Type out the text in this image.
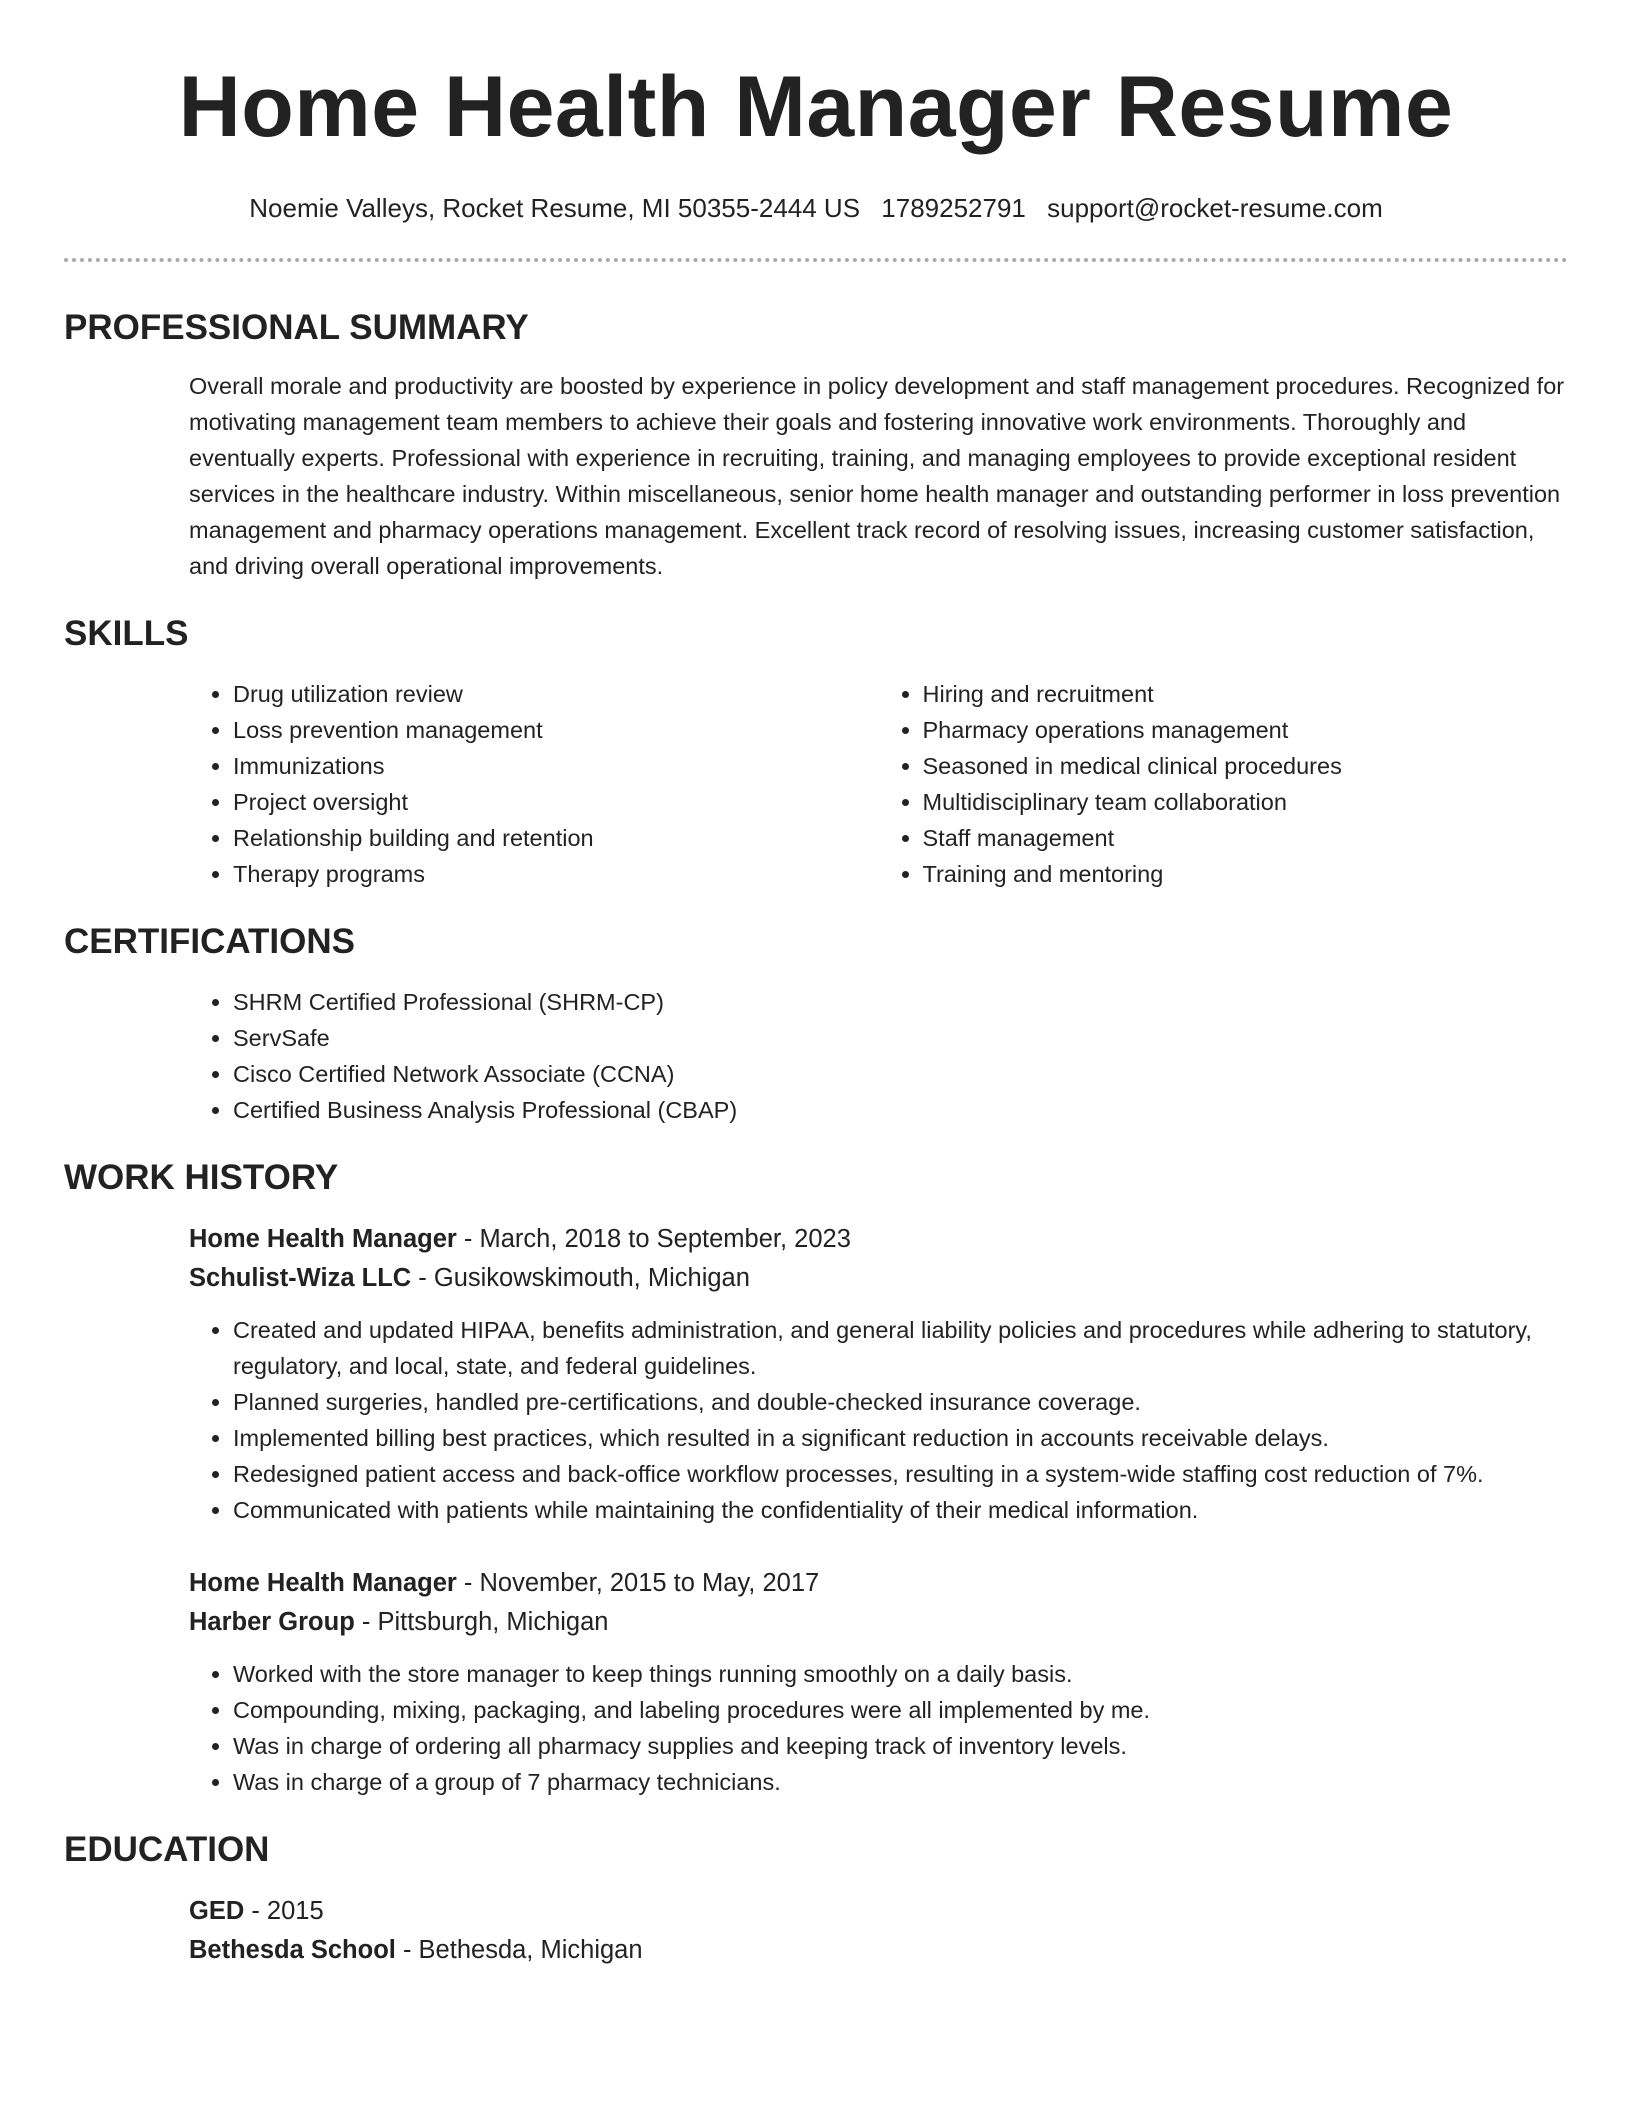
Home Health Manager Resume
Noemie Valleys, Rocket Resume, MI 50355-2444 US 1789252791 support@rocket-resume.com
PROFESSIONAL SUMMARY

Overall morale and productivity are boosted by experience in policy development and staff management procedures. Recognized for motivating management team members to achieve their goals and fostering innovative work environments. Thoroughly and eventually experts. Professional with experience in recruiting, training, and managing employees to provide exceptional resident services in the healthcare industry. Within miscellaneous, senior home health manager and outstanding performer in loss prevention management and pharmacy operations management. Excellent track record of resolving issues, increasing customer satisfaction, and driving overall operational improvements.

SKILLS
• Drug utilization review
• Loss prevention management
• Immunizations
• Project oversight
• Relationship building and retention
• Therapy programs
• Hiring and recruitment
• Pharmacy operations management
• Seasoned in medical clinical procedures
• Multidisciplinary team collaboration
• Staff management
• Training and mentoring
CERTIFICATIONS
• SHRM Certified Professional (SHRM-CP)
• ServSafe
• Cisco Certified Network Associate (CCNA)
• Certified Business Analysis Professional (CBAP)
WORK HISTORY
Home Health Manager - March, 2018 to September, 2023
Schulist-Wiza LLC - Gusikowskimouth, Michigan
• Created and updated HIPAA, benefits administration, and general liability policies and procedures while adhering to statutory, regulatory, and local, state, and federal guidelines.
• Planned surgeries, handled pre-certifications, and double-checked insurance coverage.
• Implemented billing best practices, which resulted in a significant reduction in accounts receivable delays.
• Redesigned patient access and back-office workflow processes, resulting in a system-wide staffing cost reduction of 7%.
• Communicated with patients while maintaining the confidentiality of their medical information.
Home Health Manager - November, 2015 to May, 2017
Harber Group - Pittsburgh, Michigan
• Worked with the store manager to keep things running smoothly on a daily basis.
• Compounding, mixing, packaging, and labeling procedures were all implemented by me.
• Was in charge of ordering all pharmacy supplies and keeping track of inventory levels.
• Was in charge of a group of 7 pharmacy technicians.
EDUCATION
GED - 2015
Bethesda School - Bethesda, Michigan
